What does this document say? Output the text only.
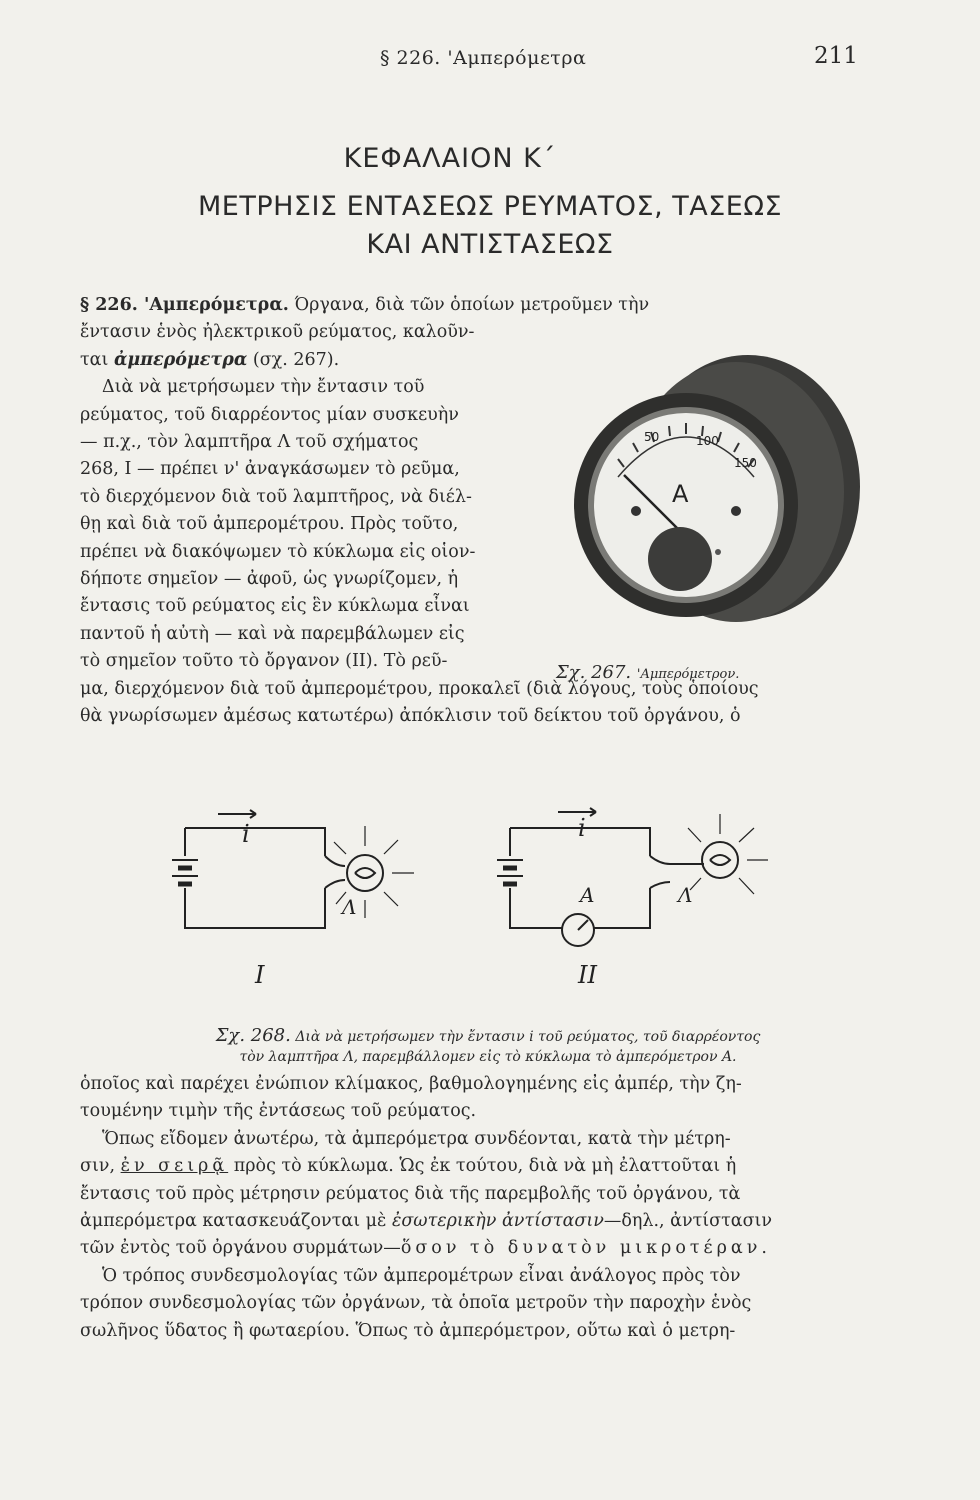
§ 226. 'Αμπερόμετρα	211
ΚΕΦΑΛΑΙΟΝ Κ΄
ΜΕΤΡΗΣΙΣ ΕΝΤΑΣΕΩΣ ΡΕΥΜΑΤΟΣ, ΤΑΣΕΩΣ
ΚΑΙ ΑΝΤΙΣΤΑΣΕΩΣ
§ 226. 'Αμπερόμετρα. Όργανα, διὰ τῶν ὁποίων μετροῦμεν τὴν
ἔντασιν ἑνὸς ἠλεκτρικοῦ ρεύματος, καλοῦν-
ται ἀμπερόμετρα (σχ. 267).
Διὰ νὰ μετρήσωμεν τὴν ἔντασιν τοῦ
ρεύματος, τοῦ διαρρέοντος μίαν συσκευὴν
— π.χ., τὸν λαμπτῆρα Λ τοῦ σχήματος
268, I — πρέπει ν' ἀναγκάσωμεν τὸ ρεῦμα,
τὸ διερχόμενον διὰ τοῦ λαμπτῆρος, νὰ διέλ-
θῃ καὶ διὰ τοῦ ἀμπερομέτρου. Πρὸς τοῦτο,
πρέπει νὰ διακόψωμεν τὸ κύκλωμα εἰς οἱον-
δήποτε σημεῖον — ἀφοῦ, ὡς γνωρίζομεν, ἡ
ἔντασις τοῦ ρεύματος εἰς ἓν κύκλωμα εἶναι
παντοῦ ἡ αὐτὴ — καὶ νὰ παρεμβάλωμεν εἰς
τὸ σημεῖον τοῦτο τὸ ὄργανον (II). Τὸ ρεῦ-
μα, διερχόμενον διὰ τοῦ ἀμπερομέτρου, προκαλεῖ (διὰ λόγους, τοὺς ὁποίους
θὰ γνωρίσωμεν ἀμέσως κατωτέρω) ἀπόκλισιν τοῦ δείκτου τοῦ ὀργάνου, ὁ
50	100
150
A
Σχ. 267. 'Αμπερόμετρον.
i
Λ
i
A	Λ
I	II
Σχ. 268. Διὰ νὰ μετρήσωμεν τὴν ἔντασιν i τοῦ ρεύματος, τοῦ διαρρέοντος
τὸν λαμπτῆρα Λ, παρεμβάλλομεν εἰς τὸ κύκλωμα τὸ ἀμπερόμετρον Α.
ὁποῖος καὶ παρέχει ἐνώπιον κλίμακος, βαθμολογημένης εἰς ἀμπέρ, τὴν ζη-
τουμένην τιμὴν τῆς ἐντάσεως τοῦ ρεύματος.
Ὅπως εἴδομεν ἀνωτέρω, τὰ ἀμπερόμετρα συνδέονται, κατὰ τὴν μέτρη-
σιν, ἐν σειρᾷ πρὸς τὸ κύκλωμα. Ὡς ἐκ τούτου, διὰ νὰ μὴ ἐλαττοῦται ἡ
ἔντασις τοῦ πρὸς μέτρησιν ρεύματος διὰ τῆς παρεμβολῆς τοῦ ὀργάνου, τὰ
ἀμπερόμετρα κατασκευάζονται μὲ ἐσωτερικὴν ἀντίστασιν—δηλ., ἀντίστασιν
τῶν ἐντὸς τοῦ ὀργάνου συρμάτων—ὅσον τὸ δυνατὸν μικροτέραν.
Ὁ τρόπος συνδεσμολογίας τῶν ἀμπερομέτρων εἶναι ἀνάλογος πρὸς τὸν
τρόπον συνδεσμολογίας τῶν ὀργάνων, τὰ ὁποῖα μετροῦν τὴν παροχὴν ἑνὸς
σωλῆνος ὕδατος ἢ φωταερίου. Ὅπως τὸ ἀμπερόμετρον, οὕτω καὶ ὁ μετρη-
